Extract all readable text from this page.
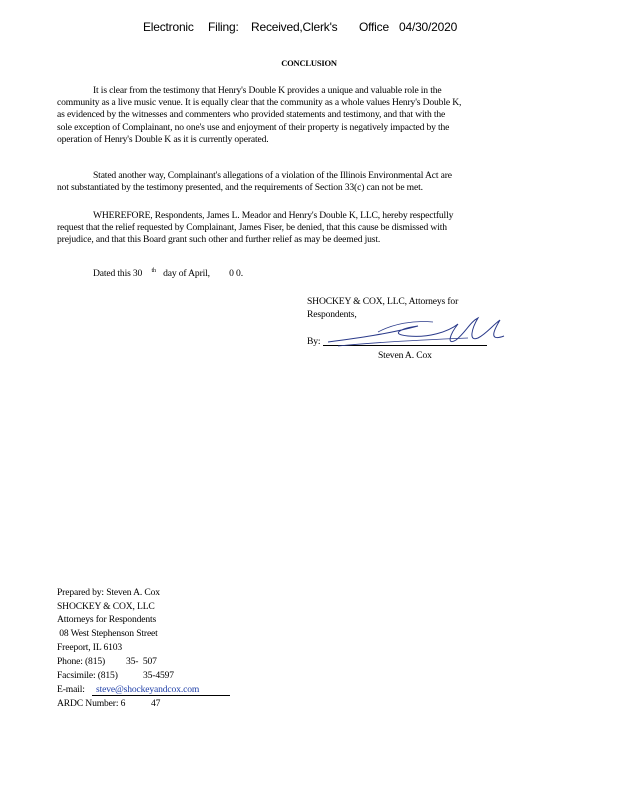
Electronic Filing: Received,Clerk's Office 04/30/2020
CONCLUSION

It is clear from the testimony that Henry's Double K provides a unique and valuable role in the community as a live music venue. It is equally clear that the community as a whole values Henry's Double K, as evidenced by the witnesses and commenters who provided statements and testimony, and that with the sole exception of Complainant, no one's use and enjoyment of their property is negatively impacted by the operation of Henry's Double K as it is currently operated.

Stated another way, Complainant's allegations of a violation of the Illinois Environmental Act are not substantiated by the testimony presented, and the requirements of Section 33(c) can not be met.

WHEREFORE, Respondents, James L. Meador and Henry's Double K, LLC, hereby respectfully request that the relief requested by Complainant, James Fiser, be denied, that this cause be dismissed with prejudice, and that this Board grant such other and further relief as may be deemed just.

Dated this 30 $^{th}$ day of April, 0 0.
SHOCKEY & COX, LLC, Attorneys for
Respondents,
By:
Steven A. Cox
Prepared by: Steven A. Cox
SHOCKEY & COX, LLC
Attorneys for Respondents
08 West Stephenson Street
Freeport, IL 6103
Phone: (815) 35-  507
Facsimile: (815)	35-4597
E-mail: steve@shockeyandcox.com
ARDC Number: 6	47
